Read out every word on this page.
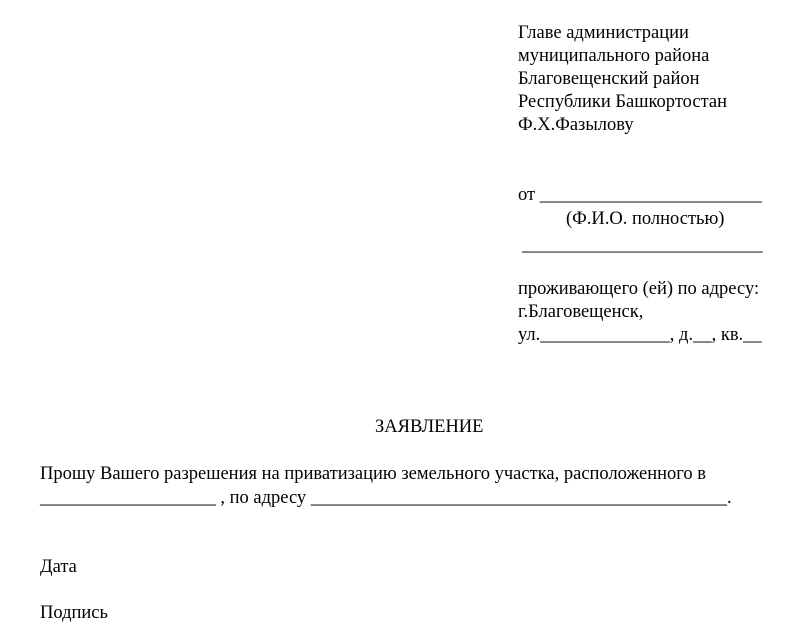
Главе администрации

муниципального района

Благовещенский район

Республики Башкортостан

Ф.Х.Фазылову

от ________________________

(Ф.И.О. полностью)

__________________________

проживающего (ей) по адресу:

г.Благовещенск,

ул.______________, д.__, кв.__

ЗАЯВЛЕНИЕ

Прошу Вашего разрешения на приватизацию земельного участка, расположенного в

___________________ , по адресу _____________________________________________.

Дата

Подпись
